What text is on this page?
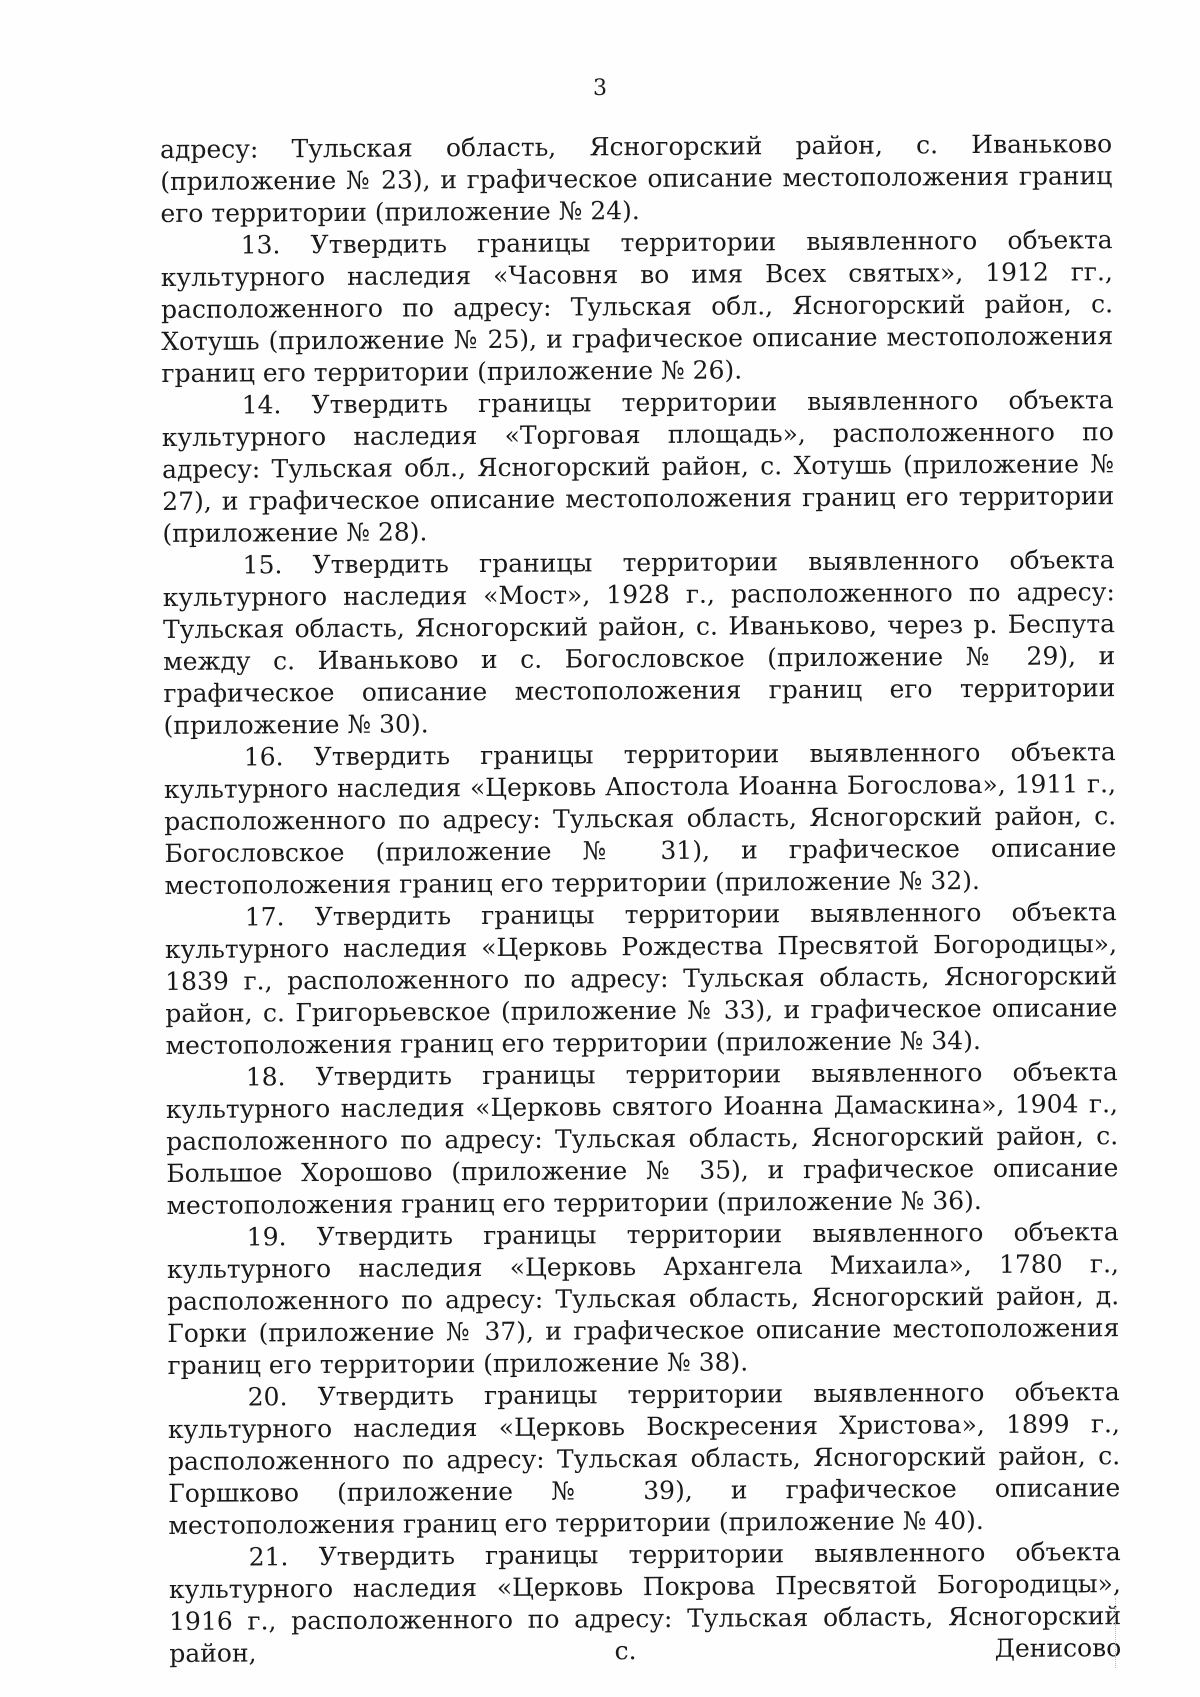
3

адресу: Тульская область, Ясногорский район, с. Иваньково (приложение № 23), и графическое описание местоположения границ его территории (приложение № 24).

13. Утвердить границы территории выявленного объекта культурного наследия «Часовня во имя Всех святых», 1912 гг., расположенного по адресу: Тульская обл., Ясногорский район, с. Хотушь (приложение № 25), и графическое описание местоположения границ его территории (приложение № 26).

14. Утвердить границы территории выявленного объекта культурного наследия «Торговая площадь», расположенного по адресу: Тульская обл., Ясногорский район, с. Хотушь (приложение № 27), и графическое описание местоположения границ его территории (приложение № 28).

15. Утвердить границы территории выявленного объекта культурного наследия «Мост», 1928 г., расположенного по адресу: Тульская область, Ясногорский район, с. Иваньково, через р. Беспута между с. Иваньково и с. Богословское (приложение № 29), и графическое описание местоположения границ его территории (приложение № 30).

16. Утвердить границы территории выявленного объекта культурного наследия «Церковь Апостола Иоанна Богослова», 1911 г., расположенного по адресу: Тульская область, Ясногорский район, с. Богословское (приложение № 31), и графическое описание местоположения границ его территории (приложение № 32).

17. Утвердить границы территории выявленного объекта культурного наследия «Церковь Рождества Пресвятой Богородицы», 1839 г., расположенного по адресу: Тульская область, Ясногорский район, с. Григорьевское (приложение № 33), и графическое описание местоположения границ его территории (приложение № 34).

18. Утвердить границы территории выявленного объекта культурного наследия «Церковь святого Иоанна Дамаскина», 1904 г., расположенного по адресу: Тульская область, Ясногорский район, с. Большое Хорошово (приложение № 35), и графическое описание местоположения границ его территории (приложение № 36).

19. Утвердить границы территории выявленного объекта культурного наследия «Церковь Архангела Михаила», 1780 г., расположенного по адресу: Тульская область, Ясногорский район, д. Горки (приложение № 37), и графическое описание местоположения границ его территории (приложение № 38).

20. Утвердить границы территории выявленного объекта культурного наследия «Церковь Воскресения Христова», 1899 г., расположенного по адресу: Тульская область, Ясногорский район, с. Горшково (приложение № 39), и графическое описание местоположения границ его территории (приложение № 40).

21. Утвердить границы территории выявленного объекта культурного наследия «Церковь Покрова Пресвятой Богородицы», 1916 г., расположенного по адресу: Тульская область, Ясногорский район, с. Денисово
